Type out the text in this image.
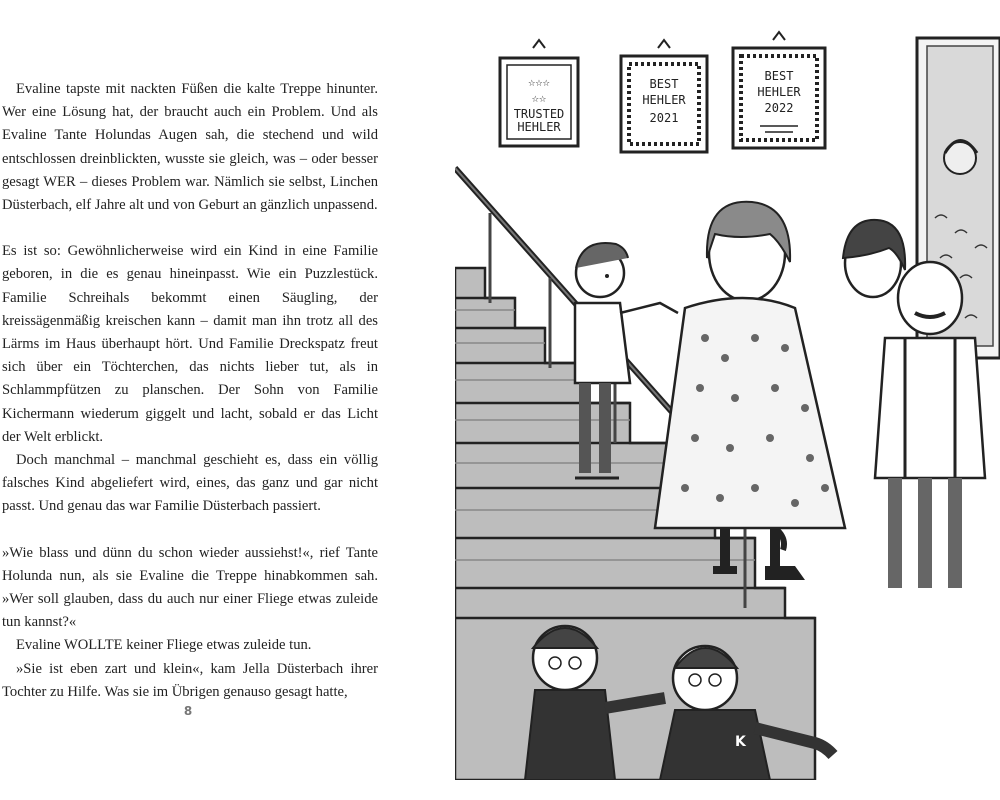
Evaline tapste mit nackten Füßen die kalte Treppe hinunter. Wer eine Lösung hat, der braucht auch ein Problem. Und als Evaline Tante Holundas Augen sah, die stechend und wild entschlossen dreinblickten, wusste sie gleich, was – oder besser gesagt WER – dieses Problem war. Nämlich sie selbst, Linchen Düsterbach, elf Jahre alt und von Geburt an gänzlich unpassend.

Es ist so: Gewöhnlicherweise wird ein Kind in eine Familie geboren, in die es genau hineinpasst. Wie ein Puzzlestück. Familie Schreihals bekommt einen Säugling, der kreissägenmäßig kreischen kann – damit man ihn trotz all des Lärms im Haus überhaupt hört. Und Familie Dreckspatz freut sich über ein Töchterchen, das nichts lieber tut, als in Schlammpfützen zu planschen. Der Sohn von Familie Kichermann wiederum giggelt und lacht, sobald er das Licht der Welt erblickt.

Doch manchmal – manchmal geschieht es, dass ein völlig falsches Kind abgeliefert wird, eines, das ganz und gar nicht passt. Und genau das war Familie Düsterbach passiert.

»Wie blass und dünn du schon wieder aussiehst!«, rief Tante Holunda nun, als sie Evaline die Treppe hinabkommen sah. »Wer soll glauben, dass du auch nur einer Fliege etwas zuleide tun kannst?«

Evaline WOLLTE keiner Fliege etwas zuleide tun.

»Sie ist eben zart und klein«, kam Jella Düsterbach ihrer Tochter zu Hilfe. Was sie im Übrigen genauso gesagt hatte,

8
☆☆☆
☆☆
TRUSTED
HEHLER
BEST
HEHLER
2021
BEST
HEHLER
2022
K
